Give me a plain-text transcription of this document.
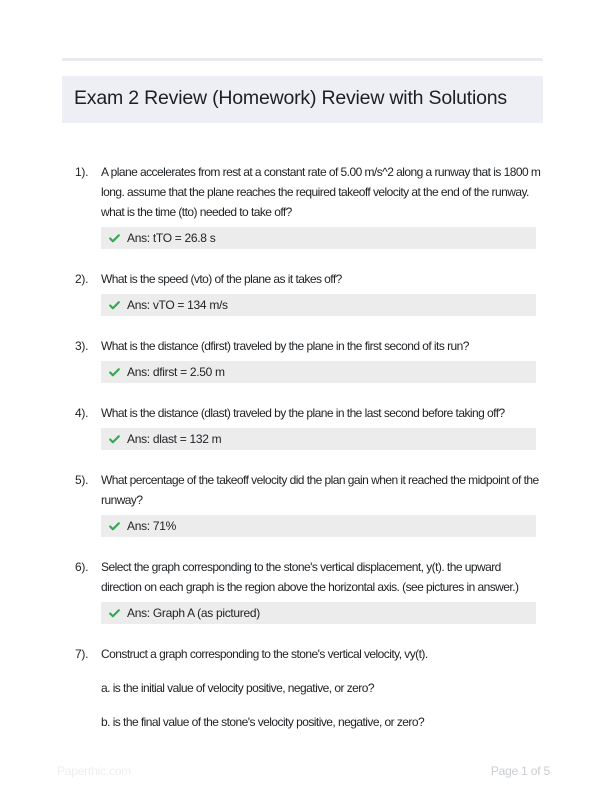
Exam 2 Review (Homework) Review with Solutions
1).	A plane accelerates from rest at a constant rate of 5.00 m/s^2 along a runway that is 1800 m long. assume that the plane reaches the required takeoff velocity at the end of the runway. what is the time (tto) needed to take off?

Ans: tTO = 26.8 s
2).	What is the speed (vto) of the plane as it takes off?

Ans: vTO = 134 m/s
3).	What is the distance (dfirst) traveled by the plane in the first second of its run?

Ans: dfirst = 2.50 m
4).	What is the distance (dlast) traveled by the plane in the last second before taking off?

Ans: dlast = 132 m
5).	What percentage of the takeoff velocity did the plan gain when it reached the midpoint of the runway?

Ans: 71%
6).	Select the graph corresponding to the stone's vertical displacement, y(t). the upward direction on each graph is the region above the horizontal axis. (see pictures in answer.)

Ans: Graph A (as pictured)
7).	Construct a graph corresponding to the stone's vertical velocity, vy(t).

a. is the initial value of velocity positive, negative, or zero?

b. is the final value of the stone's velocity positive, negative, or zero?

Paperthic.com	Page 1 of 5
